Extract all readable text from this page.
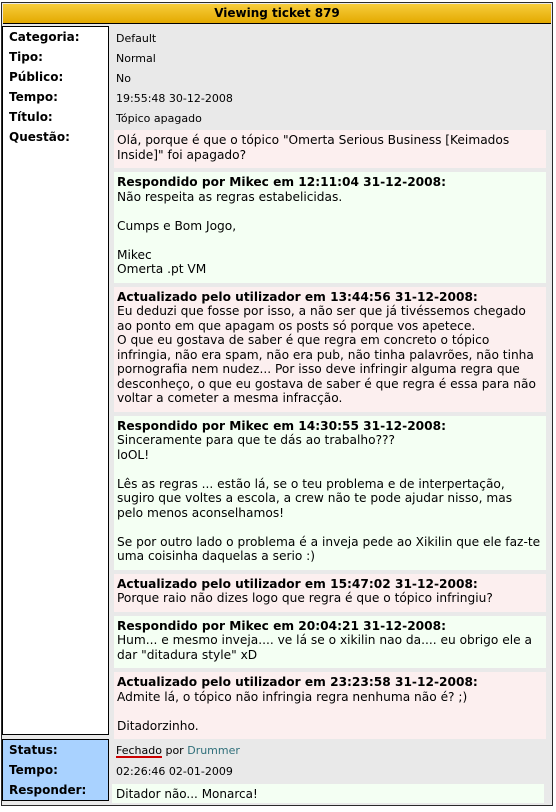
Viewing ticket 879
Categoria:
Tipo:
Público:
Tempo:
Título:
Questão:
Default
Normal
No
19:55:48 30-12-2008
Tópico apagado
Olá, porque é que o tópico "Omerta Serious Business [Keimados Inside]" foi apagado?
Respondido por Mikec em 12:11:04 31-12-2008:
Não respeita as regras estabelicidas.

Cumps e Bom Jogo,

Mikec
Omerta .pt VM
Actualizado pelo utilizador em 13:44:56 31-12-2008:
Eu deduzi que fosse por isso, a não ser que já tivéssemos chegado ao ponto em que apagam os posts só porque vos apetece.
O que eu gostava de saber é que regra em concreto o tópico infringia, não era spam, não era pub, não tinha palavrões, não tinha pornografia nem nudez... Por isso deve infringir alguma regra que desconheço, o que eu gostava de saber é que regra é essa para não voltar a cometer a mesma infracção.
Respondido por Mikec em 14:30:55 31-12-2008:
Sinceramente para que te dás ao trabalho???
loOL!

Lês as regras ... estão lá, se o teu problema e de interpertação, sugiro que voltes a escola, a crew não te pode ajudar nisso, mas pelo menos aconselhamos!

Se por outro lado o problema é a inveja pede ao Xikilin que ele faz-te uma coisinha daquelas a serio :)
Actualizado pelo utilizador em 15:47:02 31-12-2008:
Porque raio não dizes logo que regra é que o tópico infringiu?
Respondido por Mikec em 20:04:21 31-12-2008:
Hum... e mesmo inveja.... ve lá se o xikilin nao da.... eu obrigo ele a dar "ditadura style" xD
Actualizado pelo utilizador em 23:23:58 31-12-2008:
Admite lá, o tópico não infringia regra nenhuma não é? ;)

Ditadorzinho.
Status:
Tempo:
Responder:
Fechado por Drummer
02:26:46 02-01-2009
Ditador não... Monarca!
